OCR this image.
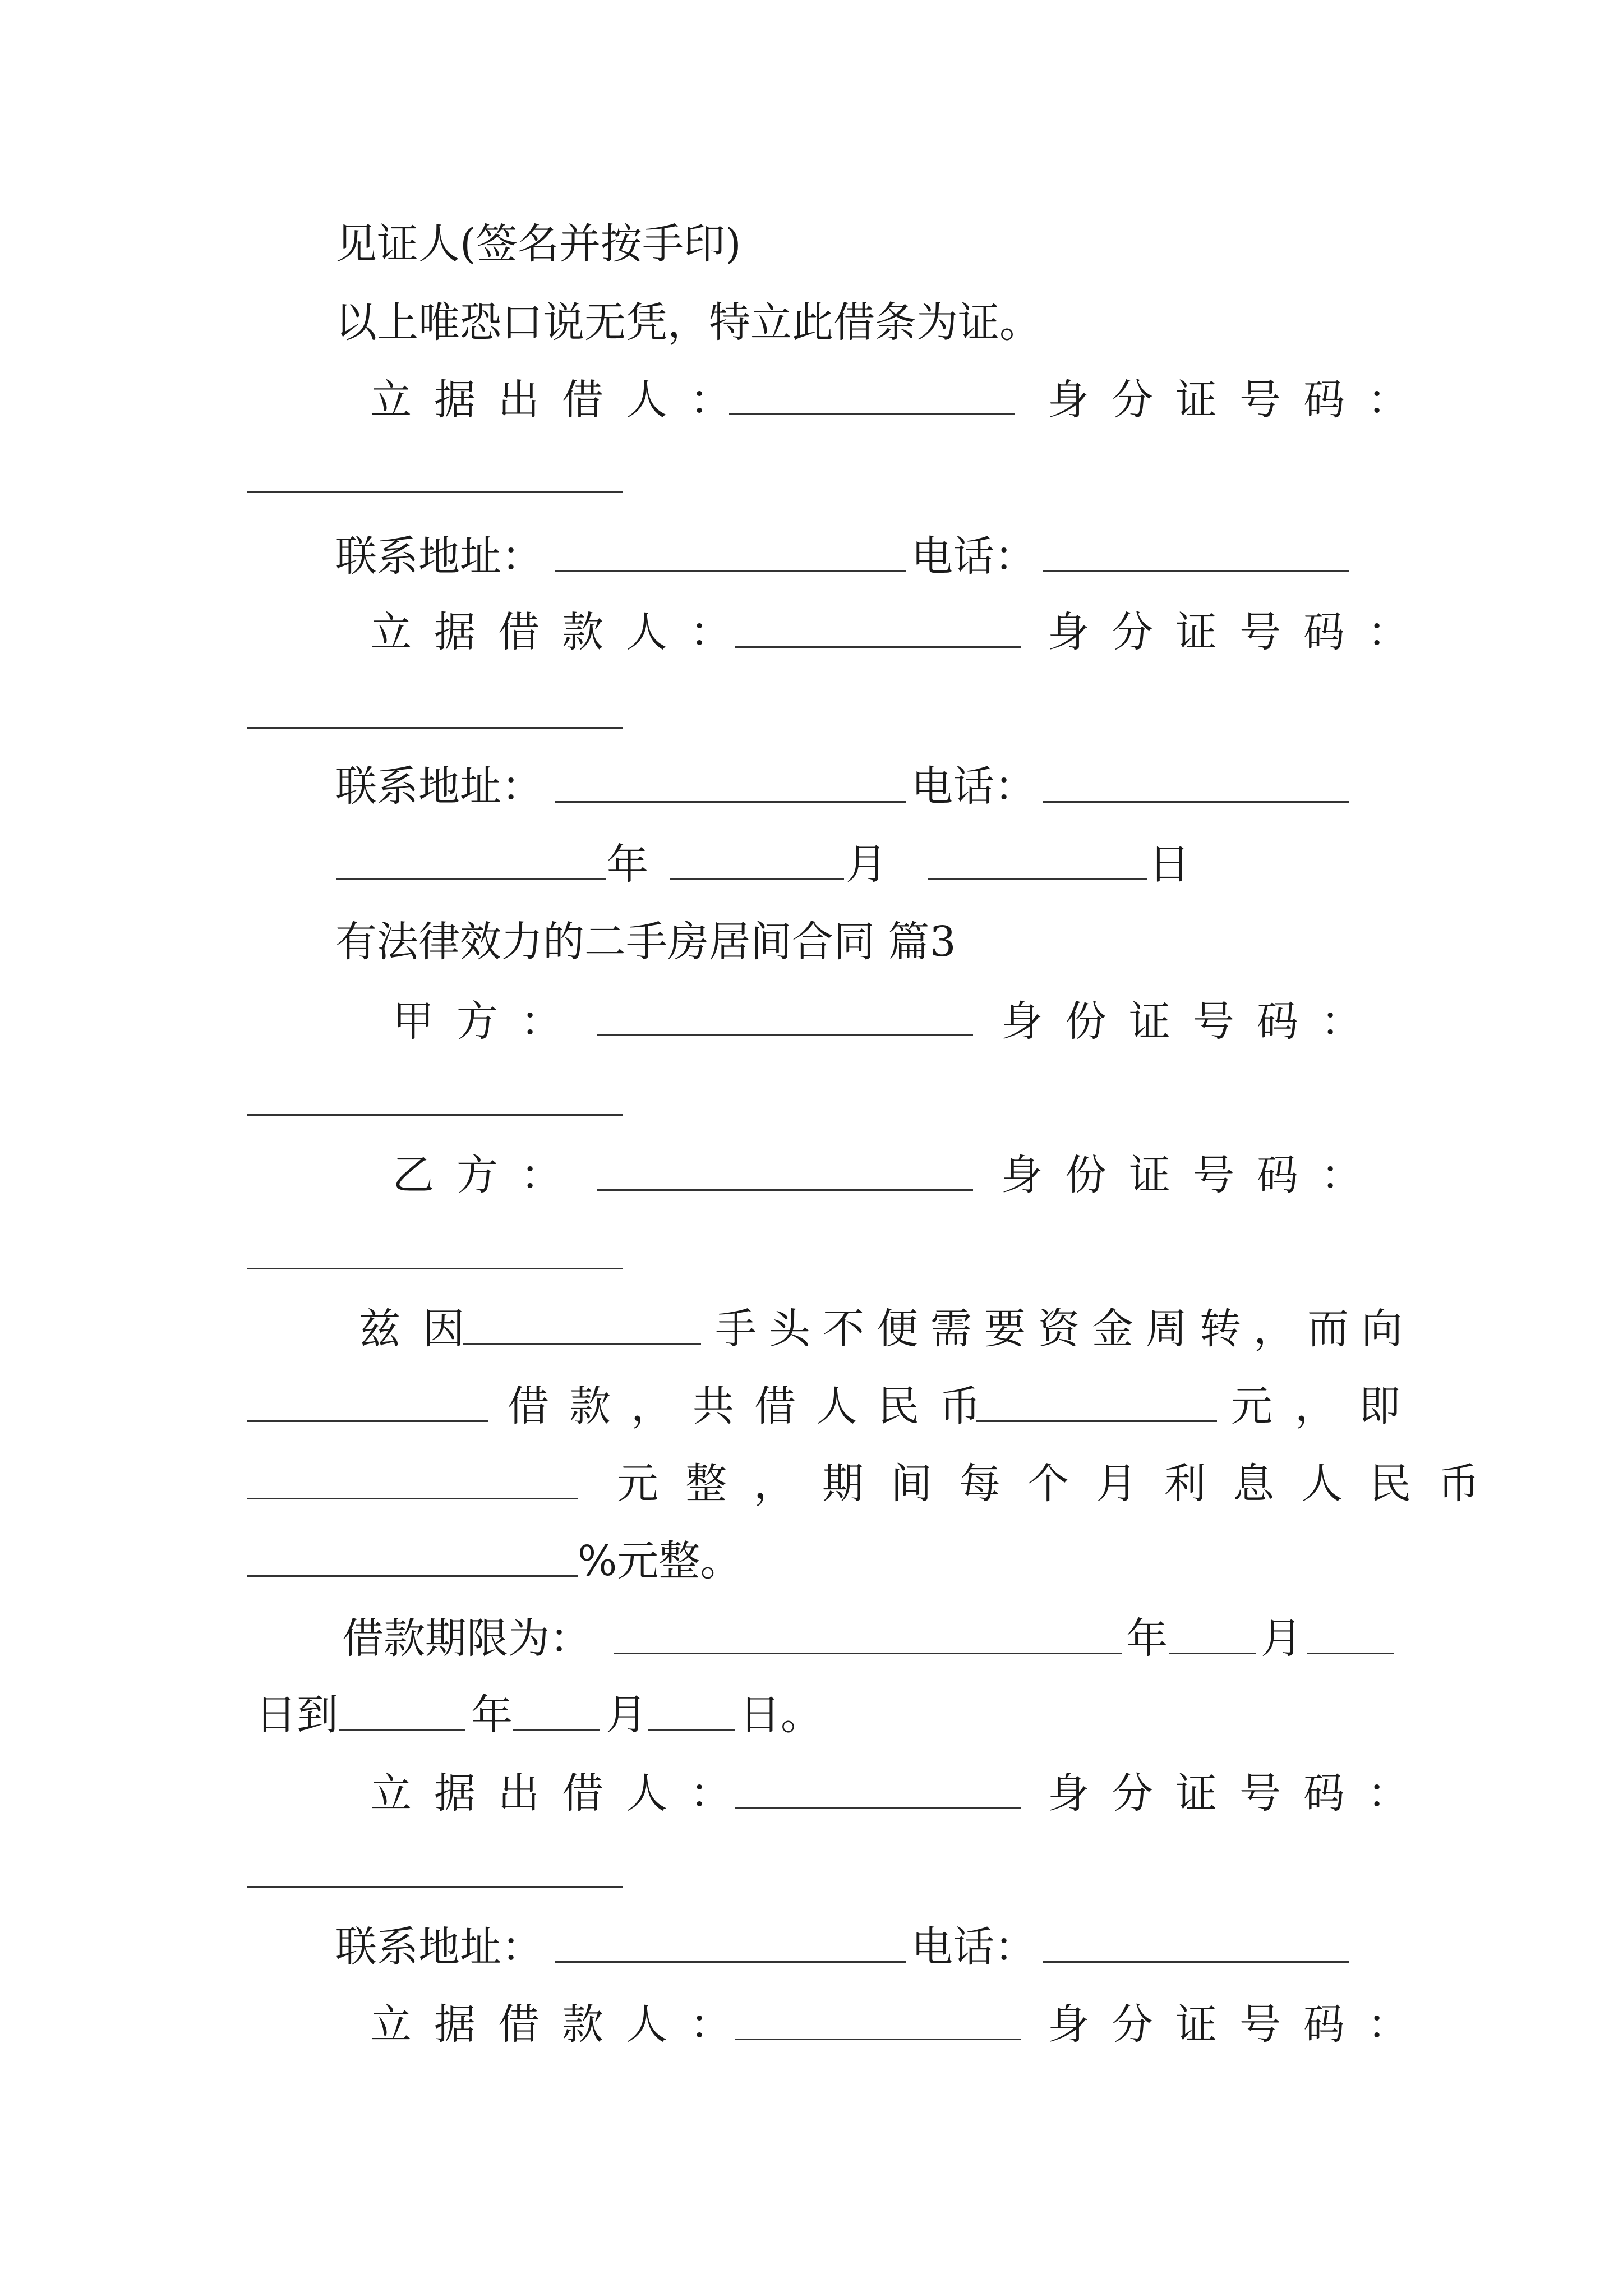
见证人(签名并按手印)
以上唯恐口说无凭，特立此借条为证。
立据出借人：	身分证号码：
联系地址：	电话：
立据借款人：	身分证号码：
联系地址：	电话：
年	月	日
有法律效力的二手房居间合同 篇3
甲方：	身份证号码：
乙方：	身份证号码：
兹因	手头不便需要资金周转，而向
借款，共借人民币	元，即
元整，期间每个月利息人民币
%元整。
借款期限为：	年 月
日到	年 月 日。
立据出借人：	身分证号码：
联系地址：	电话：
立据借款人：	身分证号码：
